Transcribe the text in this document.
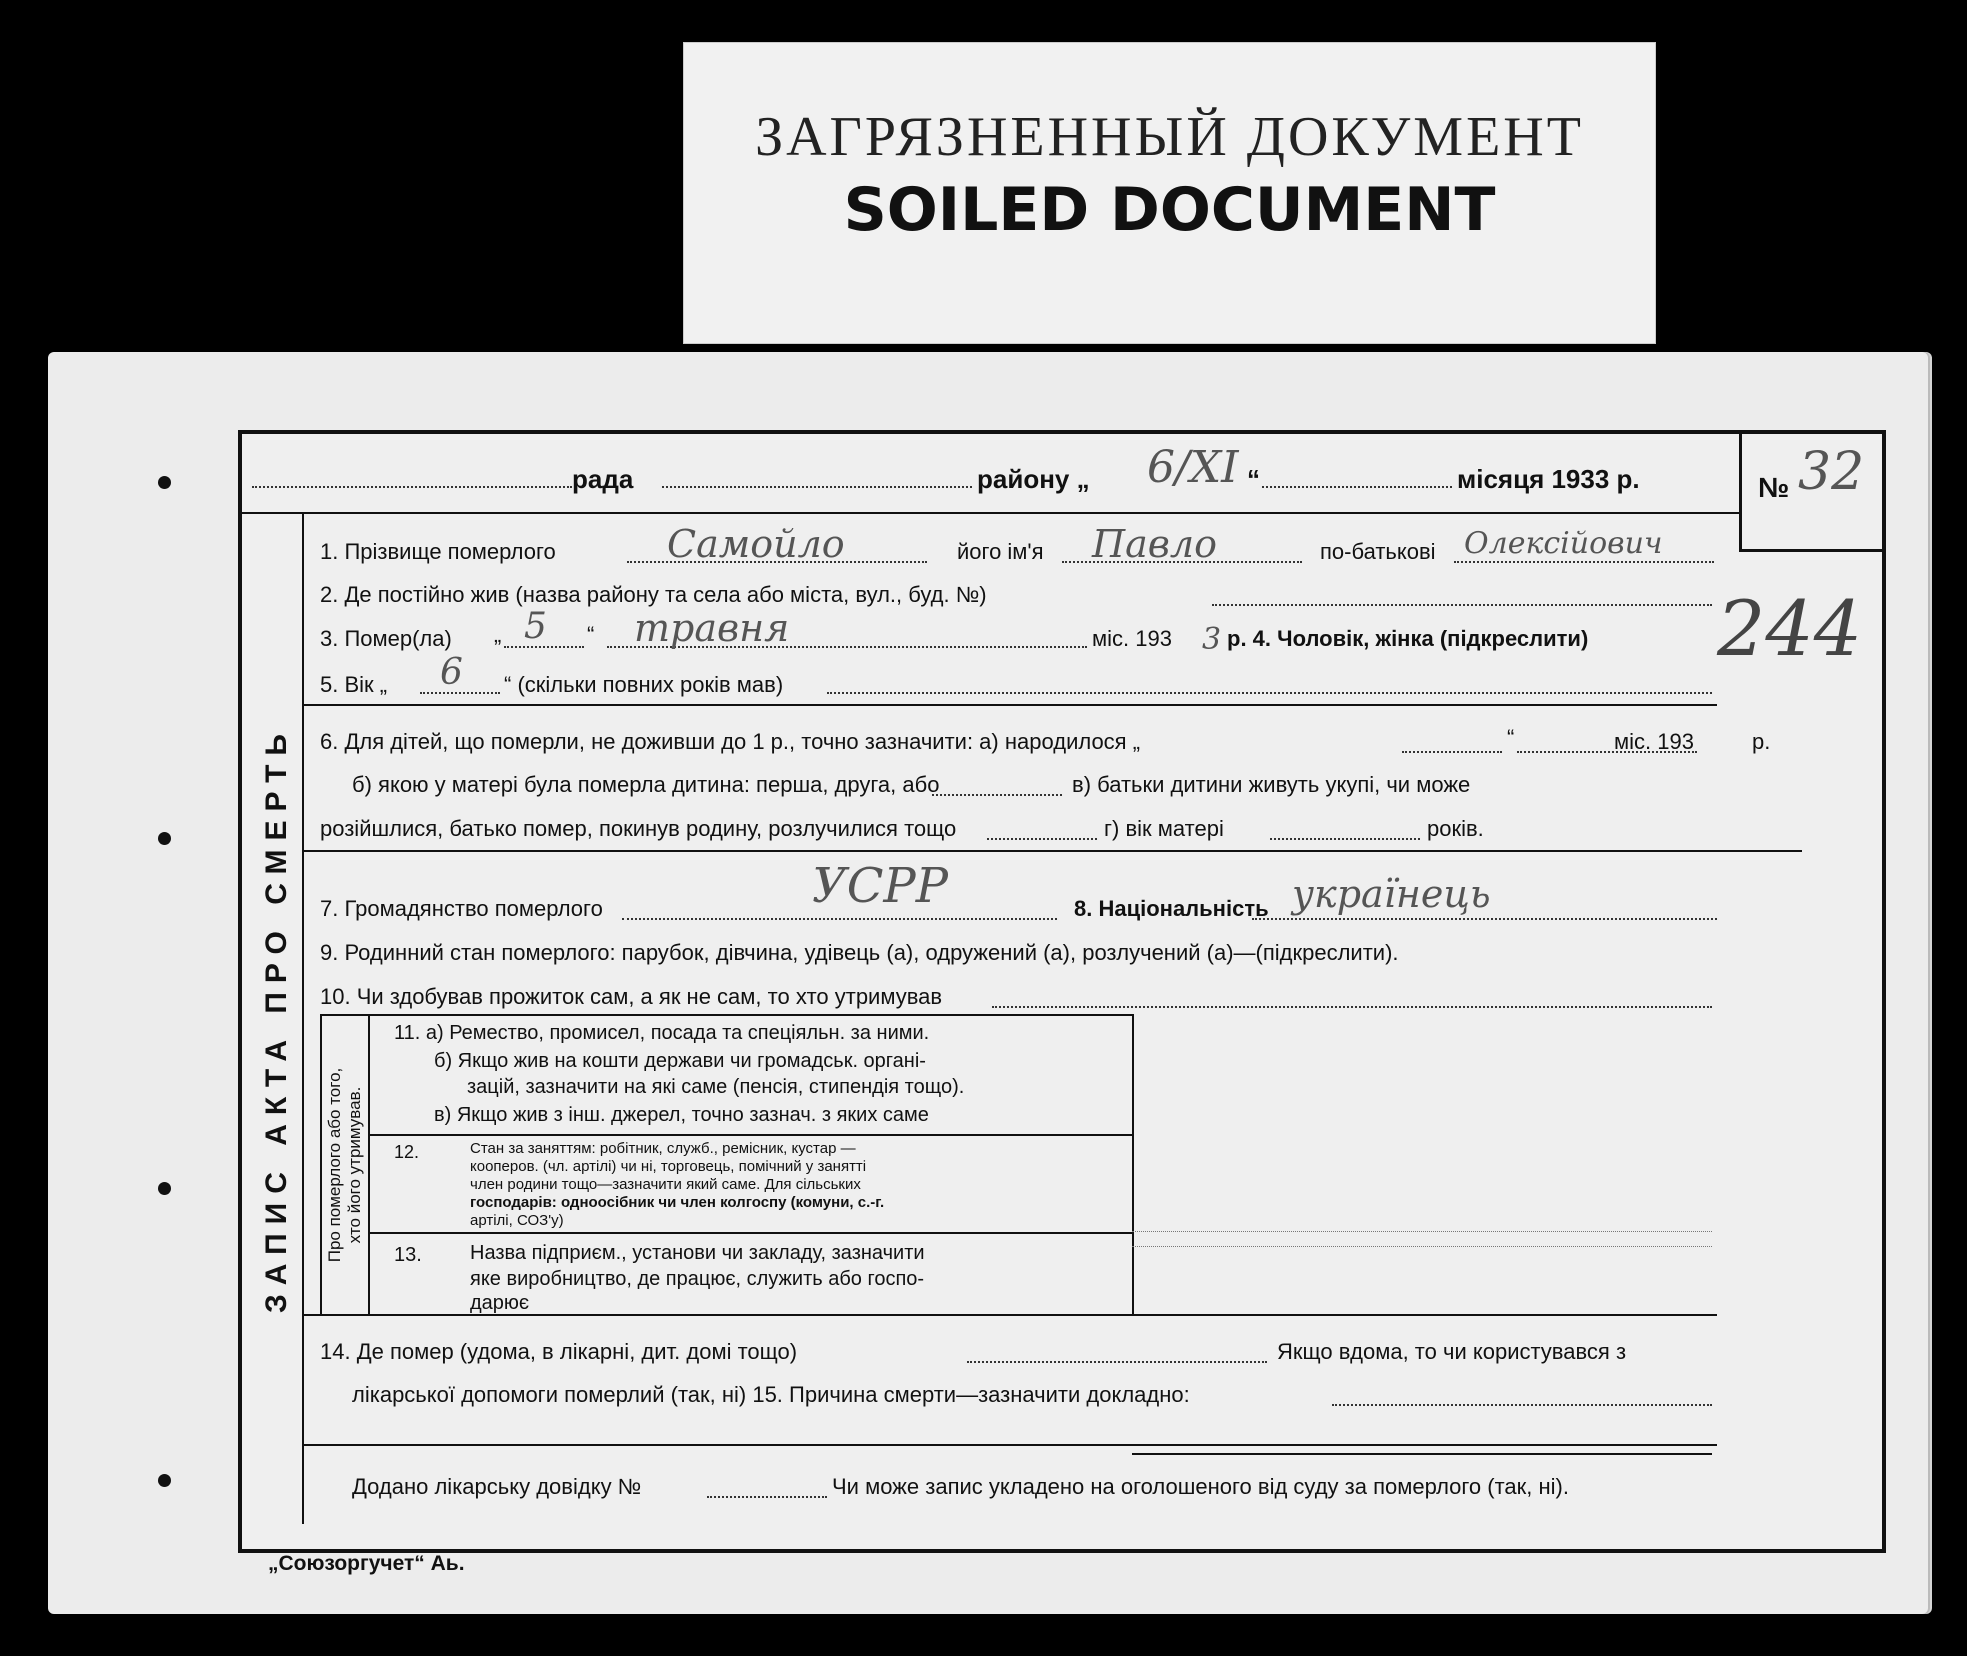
ЗАГРЯЗНЕННЫЙ ДОКУМЕНТ
SOILED DOCUMENT
рада	району „ 6/XI “	місяця 1933 р.	№ 32
ЗАПИС АКТА ПРО СМЕРТЬ
1. Прізвище померлого	Самойло	його ім'я Павло	по-батькові Олексійович
2. Де постійно жив (назва району та села або міста, вул., буд. №)
3. Помер(ла) „ 5 “ травня	міс. 193 3 р. 4. Чоловік, жінка (підкреслити) 244
5. Вік „ 6 “ (скільки повних років мав)
6. Для дітей, що померли, не доживши до 1 р., точно зазначити: а) народилося „	“	міс. 193	р.
б) якою у матері була померла дитина: перша, друга, або	в) батьки дитини живуть укупі, чи може
розійшлися, батько помер, покинув родину, розлучилися тощо	г) вік матері	років.
7. Громадянство померлого	УСРР	8. Національність українець
9. Родинний стан померлого: парубок, дівчина, удівець (а), одружений (а), розлучений (а)—(підкреслити).
10. Чи здобував прожиток сам, а як не сам, то хто утримував
Про померлого або того, хто його утримував.
11. а) Ремество, промисел, посада та спеціяльн. за ними.
б) Якщо жив на кошти держави чи громадськ. органі-
зацій, зазначити на які саме (пенсія, стипендія тощо).
в) Якщо жив з інш. джерел, точно зазнач. з яких саме
12.	Стан за заняттям: робітник, служб., ремісник, кустар —
кооперов. (чл. артілі) чи ні, торговець, помічний у занятті
член родини тощо—зазначити який саме. Для сільських
господарів: одноосібник чи член колгоспу (комуни, с.-г.
артілі, СОЗ'у)
13. Назва підприєм., установи чи закладу, зазначити
яке виробництво, де працює, служить або госпо-
дарює
14. Де помер (удома, в лікарні, дит. домі тощо)	Якщо вдома, то чи користувався з
лікарської допомоги померлий (так, ні) 15. Причина смерти—зазначити докладно:
Додано лікарську довідку №	Чи може запис укладено на оголошеного від суду за померлого (так, ні).
„Союзоргучет“ Аь.
